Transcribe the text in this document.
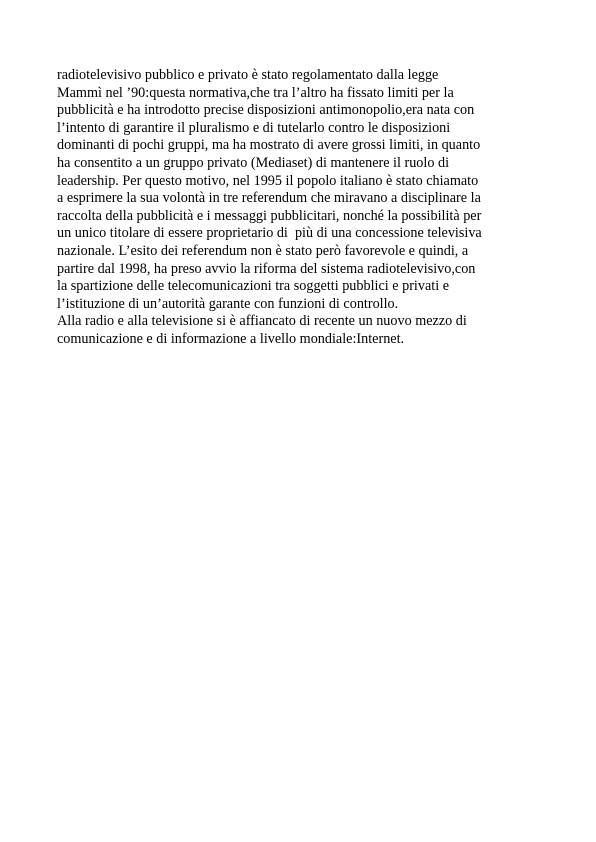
radiotelevisivo pubblico e privato è stato regolamentato dalla legge
Mammì nel ’90:questa normativa,che tra l’altro ha fissato limiti per la
pubblicità e ha introdotto precise disposizioni antimonopolio,era nata con
l’intento di garantire il pluralismo e di tutelarlo contro le disposizioni
dominanti di pochi gruppi, ma ha mostrato di avere grossi limiti, in quanto
ha consentito a un gruppo privato (Mediaset) di mantenere il ruolo di
leadership. Per questo motivo, nel 1995 il popolo italiano è stato chiamato
a esprimere la sua volontà in tre referendum che miravano a disciplinare la
raccolta della pubblicità e i messaggi pubblicitari, nonché la possibilità per
un unico titolare di essere proprietario di  più di una concessione televisiva
nazionale. L’esito dei referendum non è stato però favorevole e quindi, a
partire dal 1998, ha preso avvio la riforma del sistema radiotelevisivo,con
la spartizione delle telecomunicazioni tra soggetti pubblici e privati e
l’istituzione di un’autorità garante con funzioni di controllo.
Alla radio e alla televisione si è affiancato di recente un nuovo mezzo di
comunicazione e di informazione a livello mondiale:Internet.
